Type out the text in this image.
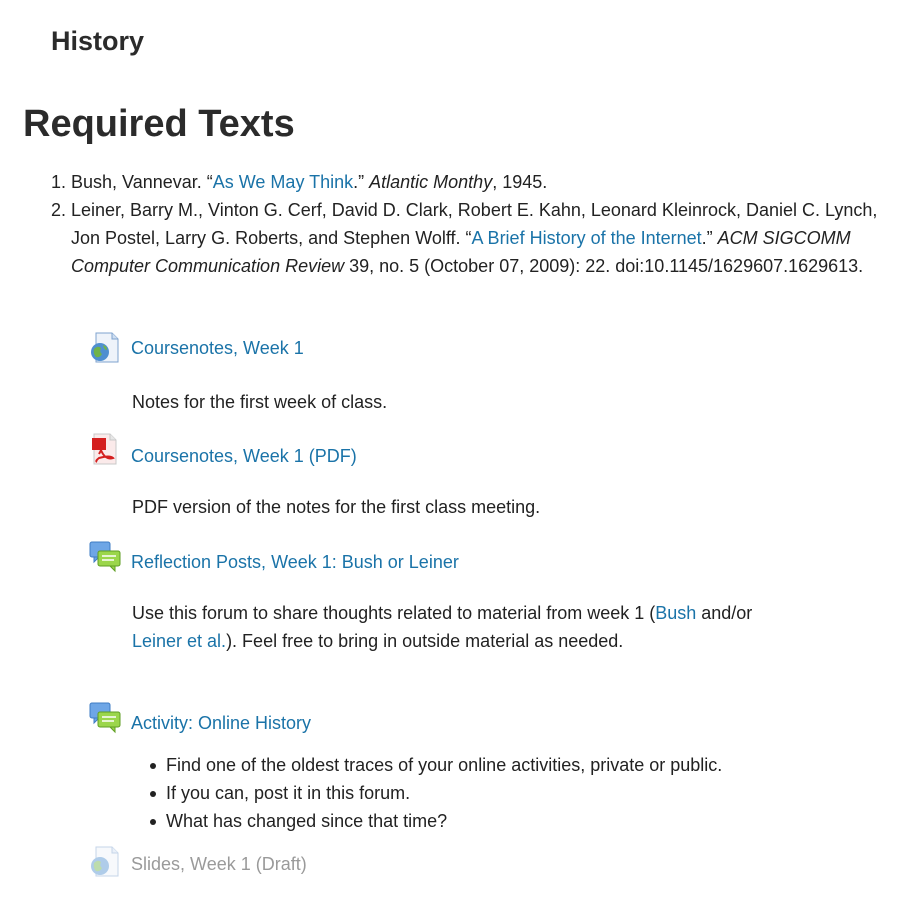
History
Required Texts
1. Bush, Vannevar. “As We May Think.” Atlantic Monthy, 1945.
2. Leiner, Barry M., Vinton G. Cerf, David D. Clark, Robert E. Kahn, Leonard Kleinrock, Daniel C. Lynch, Jon Postel, Larry G. Roberts, and Stephen Wolff. “A Brief History of the Internet.” ACM SIGCOMM Computer Communication Review 39, no. 5 (October 07, 2009): 22. doi:10.1145/1629607.1629613.
Coursenotes, Week 1
Notes for the first week of class.
Coursenotes, Week 1 (PDF)
PDF version of the notes for the first class meeting.
Reflection Posts, Week 1: Bush or Leiner
Use this forum to share thoughts related to material from week 1 (Bush and/or
Leiner et al.). Feel free to bring in outside material as needed.
Activity: Online History
Find one of the oldest traces of your online activities, private or public.
If you can, post it in this forum.
What has changed since that time?
Slides, Week 1 (Draft)
